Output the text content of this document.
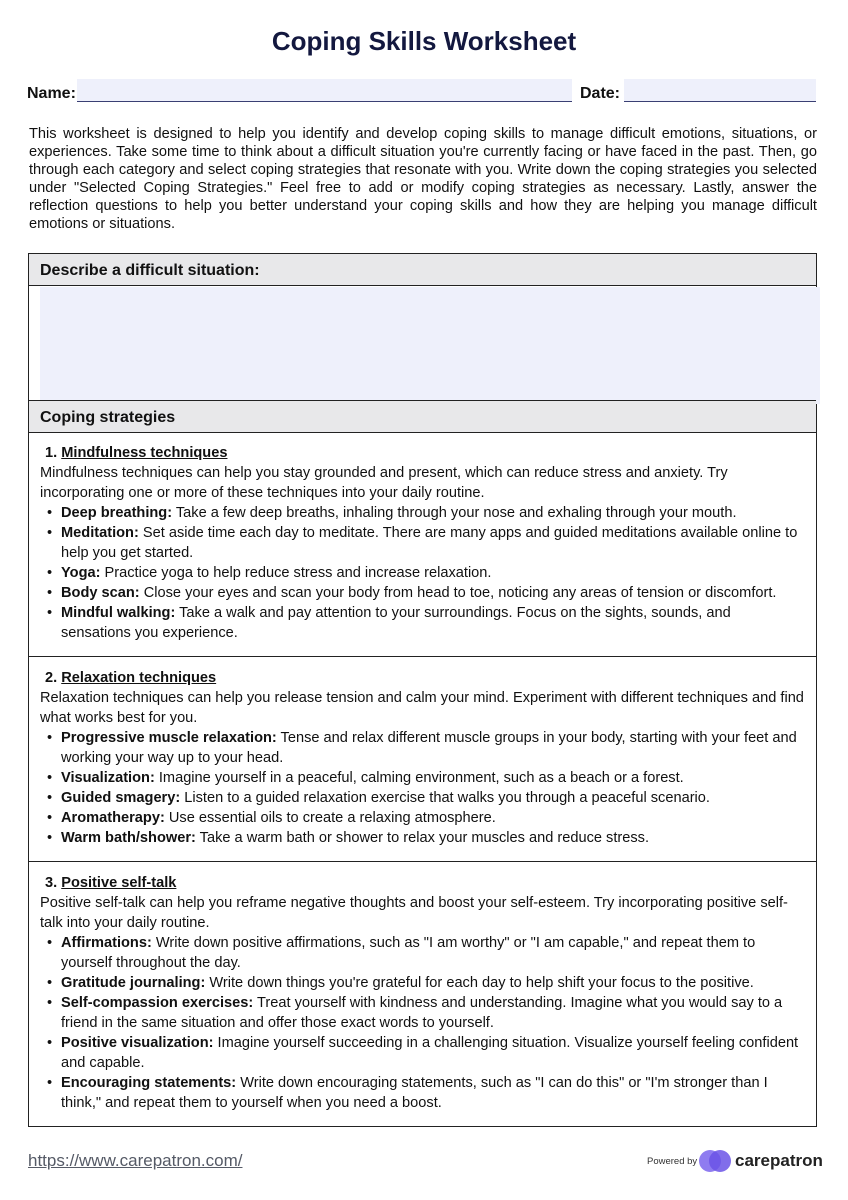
Coping Skills Worksheet
Name:	Date:

This worksheet is designed to help you identify and develop coping skills to manage difficult emotions, situations, or experiences. Take some time to think about a difficult situation you're currently facing or have faced in the past. Then, go through each category and select coping strategies that resonate with you. Write down the coping strategies you selected under "Selected Coping Strategies." Feel free to add or modify coping strategies as necessary. Lastly, answer the reflection questions to help you better understand your coping skills and how they are helping you manage difficult emotions or situations.

Describe a difficult situation:
Coping strategies

1. Mindfulness techniques

Mindfulness techniques can help you stay grounded and present, which can reduce stress and anxiety. Try incorporating one or more of these techniques into your daily routine.

• Deep breathing: Take a few deep breaths, inhaling through your nose and exhaling through your mouth.
• Meditation: Set aside time each day to meditate. There are many apps and guided meditations available online to help you get started.
• Yoga: Practice yoga to help reduce stress and increase relaxation.
• Body scan: Close your eyes and scan your body from head to toe, noticing any areas of tension or discomfort.
• Mindful walking: Take a walk and pay attention to your surroundings. Focus on the sights, sounds, and sensations you experience.

2. Relaxation techniques

Relaxation techniques can help you release tension and calm your mind. Experiment with different techniques and find what works best for you.

• Progressive muscle relaxation: Tense and relax different muscle groups in your body, starting with your feet and working your way up to your head.
• Visualization: Imagine yourself in a peaceful, calming environment, such as a beach or a forest.
• Guided smagery: Listen to a guided relaxation exercise that walks you through a peaceful scenario.
• Aromatherapy: Use essential oils to create a relaxing atmosphere.
• Warm bath/shower: Take a warm bath or shower to relax your muscles and reduce stress.

3. Positive self-talk

Positive self-talk can help you reframe negative thoughts and boost your self-esteem. Try incorporating positive self-talk into your daily routine.

• Affirmations: Write down positive affirmations, such as "I am worthy" or "I am capable," and repeat them to yourself throughout the day.
• Gratitude journaling: Write down things you're grateful for each day to help shift your focus to the positive.
• Self-compassion exercises: Treat yourself with kindness and understanding. Imagine what you would say to a friend in the same situation and offer those exact words to yourself.
• Positive visualization: Imagine yourself succeeding in a challenging situation. Visualize yourself feeling confident and capable.
• Encouraging statements: Write down encouraging statements, such as "I can do this" or "I'm stronger than I think," and repeat them to yourself when you need a boost.
https://www.carepatron.com/	Powered by carepatron
